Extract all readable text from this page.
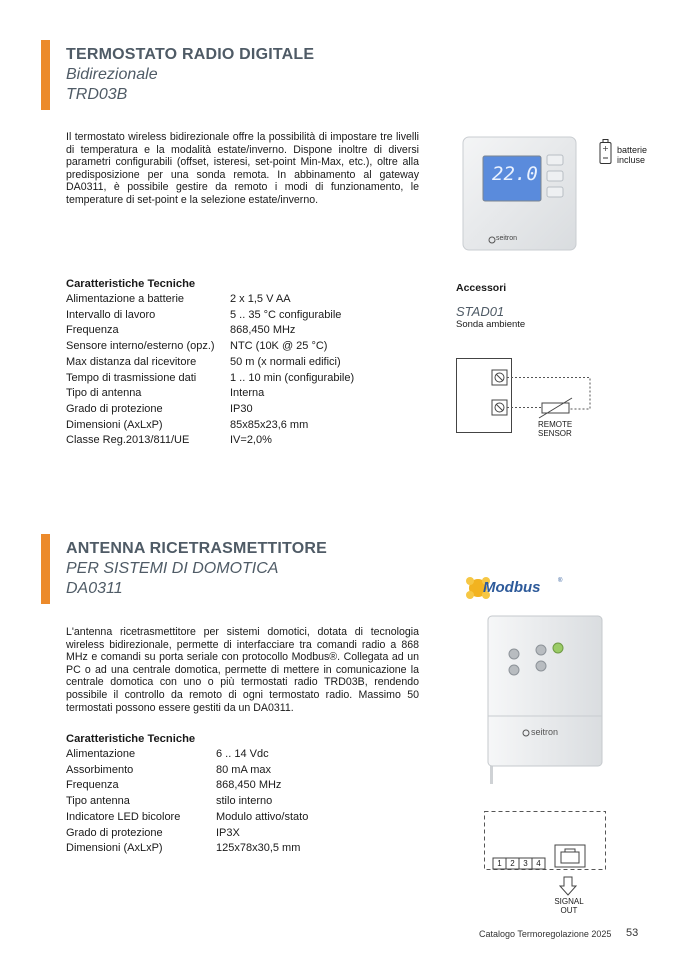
TERMOSTATO RADIO DIGITALE
Bidirezionale
TRD03B
Il termostato wireless bidirezionale offre la possibilità di impostare tre livelli di temperatura e la modalità estate/inverno. Dispone inoltre di diversi parametri configurabili (offset, isteresi, set-point Min-Max, etc.), oltre alla predisposizione per una sonda remota. In abbinamento al gateway DA0311, è possibile gestire da remoto i modi di funzionamento, le temperature di set-point e la selezione estate/inverno.
Caratteristiche Tecniche
Alimentazione a batterie	2 x 1,5 V AA
Intervallo di lavoro	5 .. 35 °C configurabile
Frequenza	868,450 MHz
Sensore interno/esterno (opz.) NTC (10K @ 25 °C)
Max distanza dal ricevitore	50 m (x normali edifici)
Tempo di trasmissione dati	1 .. 10 min (configurabile)
Tipo di antenna	Interna
Grado di protezione	IP30
Dimensioni (AxLxP)	85x85x23,6 mm
Classe Reg.2013/811/UE	IV=2,0%
22.0
seitron
+ batterie
incluse
Accessori
STAD01
Sonda ambiente
REMOTE
SENSOR
ANTENNA RICETRASMETTITORE
PER SISTEMI DI DOMOTICA
DA0311
L'antenna ricetrasmettitore per sistemi domotici, dotata di tecnologia wireless bidirezionale, permette di interfacciare tra comandi radio a 868 MHz e comandi su porta seriale con protocollo Modbus®. Collegata ad un PC o ad una centrale domotica, permette di mettere in comunicazione la centrale domotica con uno o più termostati radio TRD03B, rendendo possibile il controllo da remoto di ogni termostato radio. Massimo 50 termostati possono essere gestiti da un DA0311.
Caratteristiche Tecniche
Alimentazione	6 .. 14 Vdc
Assorbimento	80 mA max
Frequenza	868,450 MHz
Tipo antenna	stilo interno
Indicatore LED bicolore	Modulo attivo/stato
Grado di protezione	IP3X
Dimensioni (AxLxP)	125x78x30,5 mm
Modbus	®
seitron
1	2	3	4
SIGNAL
OUT
Catalogo Termoregolazione 2025 53
